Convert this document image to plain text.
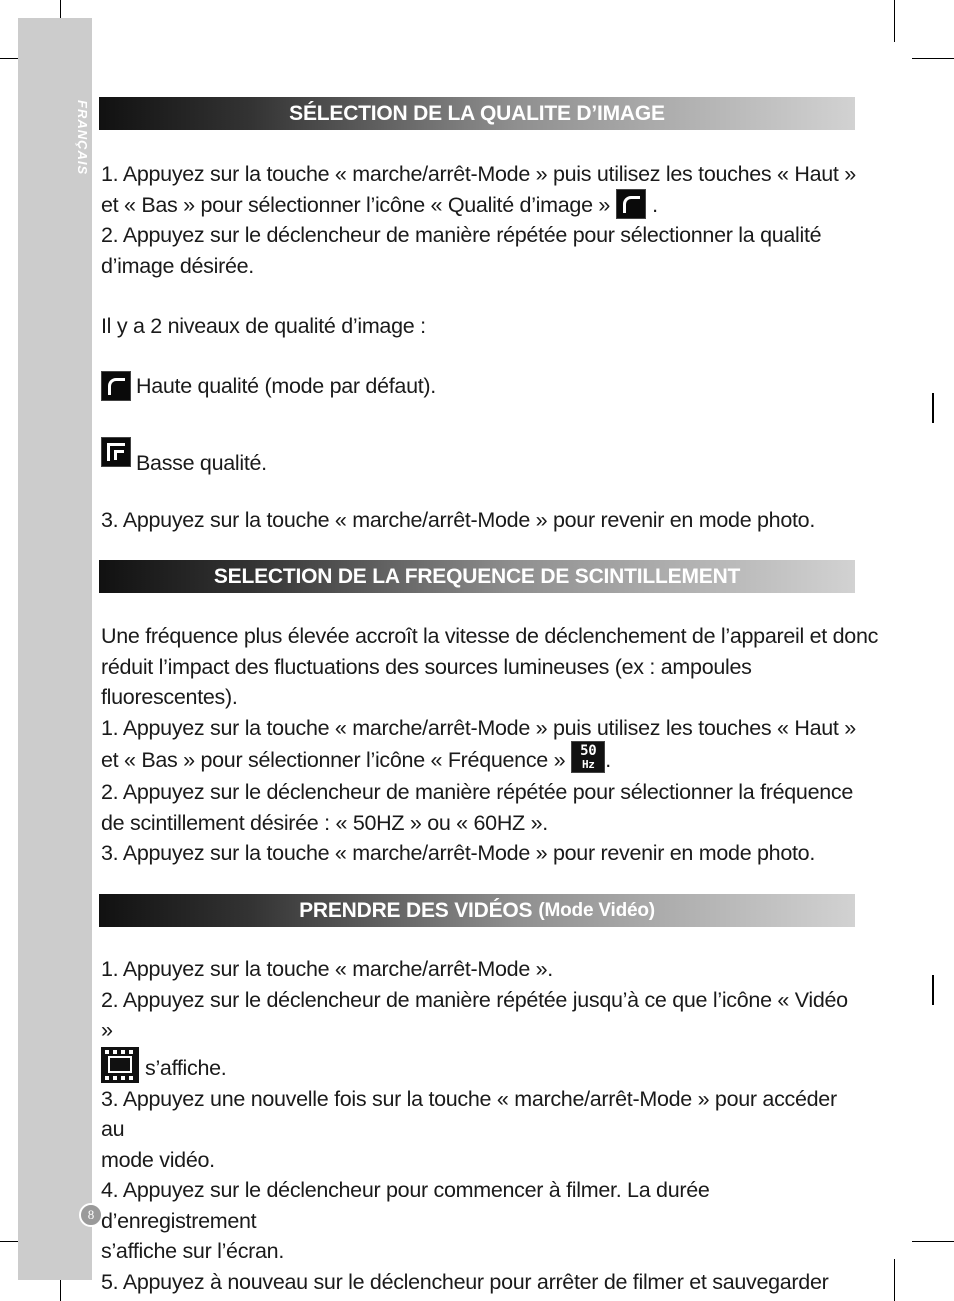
FRANÇAIS
8
SÉLECTION DE LA QUALITE D’IMAGE
1. Appuyez sur la touche « marche/arrêt-Mode » puis utilisez les touches « Haut »
et « Bas » pour sélectionner l’icône « Qualité d’image » .
2. Appuyez sur le déclencheur de manière répétée pour sélectionner la qualité
d’image désirée.
Il y a 2 niveaux de qualité d’image :
Haute qualité (mode par défaut).
Basse qualité.
3. Appuyez sur la touche « marche/arrêt-Mode » pour revenir en mode photo.
SELECTION DE LA FREQUENCE DE SCINTILLEMENT
Une fréquence plus élevée accroît la vitesse de déclenchement de l’appareil et donc
réduit l’impact des fluctuations des sources lumineuses (ex : ampoules
fluorescentes).
1. Appuyez sur la touche « marche/arrêt-Mode » puis utilisez les touches « Haut »
et « Bas » pour sélectionner l’icône « Fréquence »	50
Hz .
2. Appuyez sur le déclencheur de manière répétée pour sélectionner la fréquence
de scintillement désirée : « 50HZ » ou « 60HZ ».
3. Appuyez sur la touche « marche/arrêt-Mode » pour revenir en mode photo.
PRENDRE DES VIDÉOS (Mode Vidéo)
1. Appuyez sur la touche « marche/arrêt-Mode ».
2. Appuyez sur le déclencheur de manière répétée jusqu’à ce que l’icône « Vidéo »
s’affiche.
3. Appuyez une nouvelle fois sur la touche « marche/arrêt-Mode » pour accéder au
mode vidéo.
4. Appuyez sur le déclencheur pour commencer à filmer. La durée d’enregistrement
s’affiche sur l’écran.
5. Appuyez à nouveau sur le déclencheur pour arrêter de filmer et sauvegarder
